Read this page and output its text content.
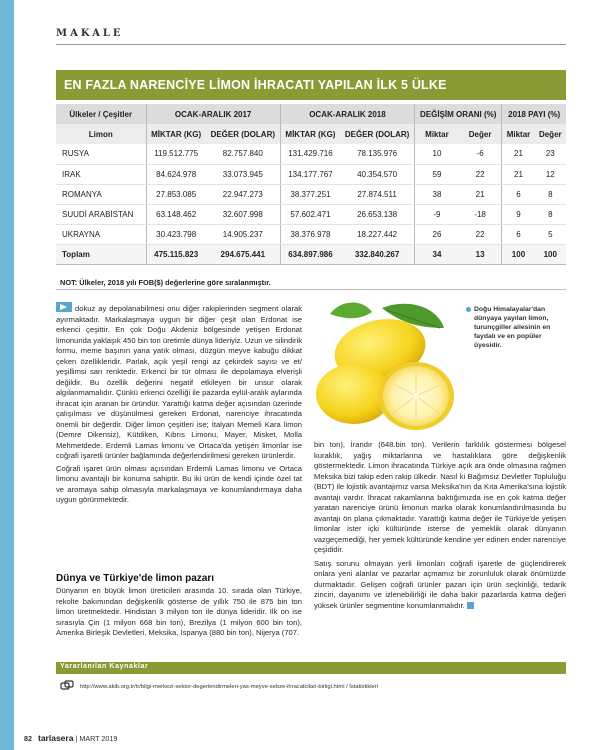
MAKALE
EN FAZLA NARENCİYE LİMON İHRACATI YAPILAN İLK 5 ÜLKE
Ülkeler / Çeşitler	OCAK-ARALIK 2017		OCAK-ARALIK 2018		DEĞİŞİM ORANI (%)		2018 PAYI (%)	
Limon	MİKTAR (KG)	DEĞER (DOLAR)	MİKTAR (KG)	DEĞER (DOLAR)	Miktar	Değer	Miktar	Değer
RUSYA	119.512.775	82.757.840	131.429.716	78.135.976	10	-6	21	23
IRAK	84.624.978	33.073.945	134.177.767	40.354.570	59	22	21	12
ROMANYA	27.853.085	22.947.273	38.377.251	27.874.511	38	21	6	8
SUUDİ ARABİSTAN	63.148.462	32.607.998	57.602.471	26.653.138	-9	-18	9	8
UKRAYNA	30.423.798	14.905.237	38.376.978	18.227.442	26	22	6	5
Toplam	475.115.823	294.675.441	634.897.986	332.840.267	34	13	100	100
NOT: Ülkeler, 2018 yılı FOB($) değerlerine göre sıralanmıştır.

dokuz ay depolanabilmesi onu diğer rakiplerinden segment olarak ayırmaktadır. Markalaşmaya uygun bir diğer çeşit olan Erdonat ise erkenci çeşittir. En çok Doğu Akdeniz bölgesinde yetişen Erdonat limonunda yaklaşık 450 bin ton üretimle dünya lideriyiz. Uzun ve silindirik formu, meme başının yana yatık olması, düzgün meyve kabuğu dikkat çeken özellikleridir. Parlak, açık yeşil rengi az çekirdek sayısı ve et/ yeşillimsi sarı renktedir. Erkenci bir tür olması ile depolamaya elverişli değildir. Bu özellik değerini negatif etkileyen bir unsur olarak algılanmamalıdır. Çünkü erkenci özelliği ile pazarda eylül-aralık aylarında ihracat için aranan bir üründür. Yarattığı katma değer açısından üzerinde çalışılması ve düşünülmesi gereken Erdonat, narenciye ihracatında önemli bir değerdir. Diğer limon çeşitleri ise; İtalyan Memeli Kara limon (Demre Dikensiz), Kütdiken, Kıbrıs Limonu, Mayer, Misket, Molla Mehmetdede. Erdemli Lamas limonu ve Ortaca'da yetişen limonlar ise coğrafi işaretli ürünler bağlamında değerlendirilmesi gereken ürünlerdir.

Coğrafi işaret ürün olması açısından Erdemli Lamas limonu ve Ortaca limonu avantajlı bir konuma sahiptir. Bu iki ürün de kendi içinde özel tat ve aromaya sahip olmasıyla markalaşmaya ve konumlandırmaya daha uygun görünmektedir.

Dünya ve Türkiye'de limon pazarı

Dünyanın en büyük limon üreticileri arasında 10. sırada olan Türkiye, rekolte bakımından değişkenlik gösterse de yıllık 750 ile 875 bin ton limon üretmektedir. Hindistan 3 milyon ton ile dünya lideridir. İlk on ise sırasıyla Çin (1 milyon 668 bin ton), Brezilya (1 milyon 600 bin ton), Amerika Birleşik Devletleri, Meksika, İspanya (880 bin ton), Nijerya (707.

Doğu Himalayalar'dan dünyaya yayılan limon, turunçgiller ailesinin en faydalı ve en popüler üyesidir.

bin ton), İrandır (648.bin ton). Verilerin farklılık göstermesi bölgesel kuraklık, yağış miktarlarına ve hastalıklara göre değişkenlik göstermektedir. Limon ihracatında Türkiye açık ara önde olmasına rağmen Meksika bizi takip eden rakip ülkedir. Nasıl ki Bağımsız Devletler Topluluğu (BDT) ile lojistik avantajımız varsa Meksika'nın da Kıta Amerika'sına lojistik avantajı vardır. İhracat rakamlarına baktığımızda ise en çok katma değer yaratan narenciye ürünü limonun marka olarak konumlandırılmasında bu avantajı ön plana çıkmaktadır. Yarattığı katma değer ile Türkiye'de yetişen limonlar ister içki kültüründe isterse de yemeklik olarak dünyanın vazgeçemediği, her yemek kültüründe kendine yer edinen ender narenciye çeşididir.

Satış sorunu olmayan yerli limonları coğrafi işaretle de güçlendirerek onlara yeni alanlar ve pazarlar açmamız bir zorunluluk olarak önümüzde durmaktadır. Gelişen coğrafi ürünler pazarı için ürün seçkinliği, tedarik zinciri, dayanımı ve izlenebilirliği ile daha bakir pazarlarda katma değeri yüksek ürünler segmentine konumlanmalıdır.

Yararlanılan Kaynaklar
http://www.akib.org.tr/tr/bilgi-merkezi-sektor-degerlendirmeleri-yas-meyve-sebze-ihracatcilari-birligi.html / İstatistikleri
82 tarlasera | MART 2019
